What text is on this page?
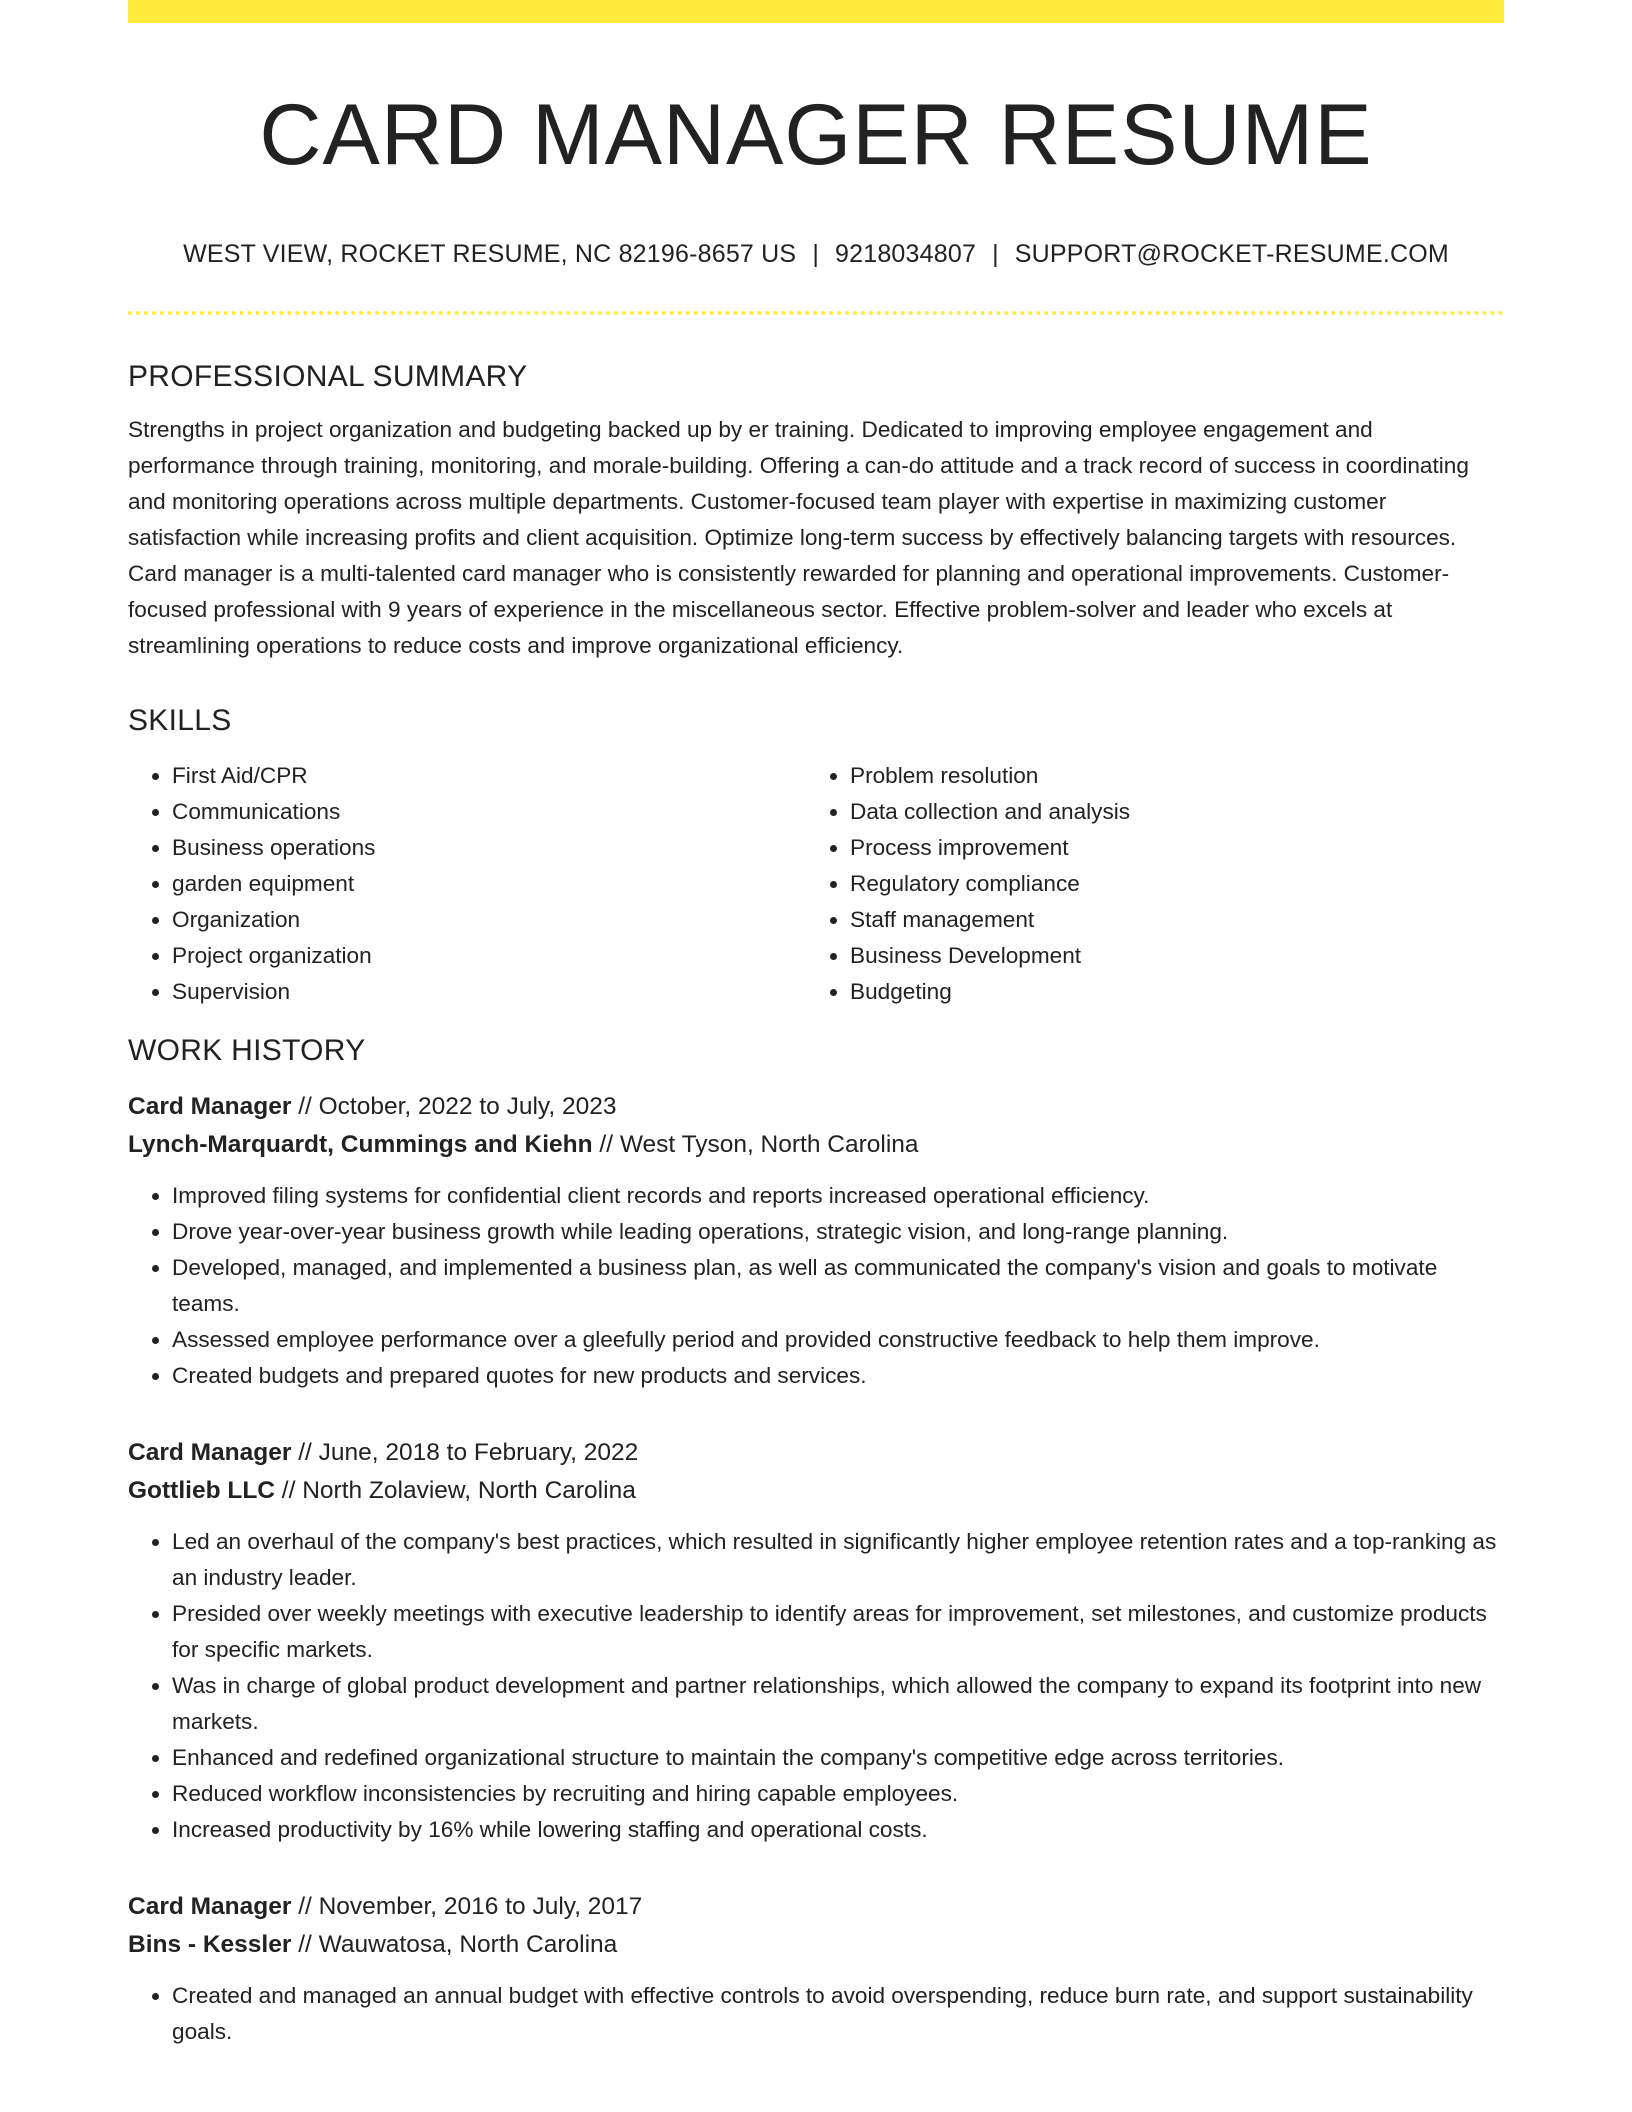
CARD MANAGER RESUME
WEST VIEW, ROCKET RESUME, NC 82196-8657 US | 9218034807 | SUPPORT@ROCKET-RESUME.COM
PROFESSIONAL SUMMARY
Strengths in project organization and budgeting backed up by er training. Dedicated to improving employee engagement and performance through training, monitoring, and morale-building. Offering a can-do attitude and a track record of success in coordinating and monitoring operations across multiple departments. Customer-focused team player with expertise in maximizing customer satisfaction while increasing profits and client acquisition. Optimize long-term success by effectively balancing targets with resources. Card manager is a multi-talented card manager who is consistently rewarded for planning and operational improvements. Customer-focused professional with 9 years of experience in the miscellaneous sector. Effective problem-solver and leader who excels at streamlining operations to reduce costs and improve organizational efficiency.
SKILLS
• First Aid/CPR
• Communications
• Business operations
• garden equipment
• Organization
• Project organization
• Supervision
• Problem resolution
• Data collection and analysis
• Process improvement
• Regulatory compliance
• Staff management
• Business Development
• Budgeting
WORK HISTORY
Card Manager // October, 2022 to July, 2023
Lynch-Marquardt, Cummings and Kiehn // West Tyson, North Carolina
• Improved filing systems for confidential client records and reports increased operational efficiency.
• Drove year-over-year business growth while leading operations, strategic vision, and long-range planning.
• Developed, managed, and implemented a business plan, as well as communicated the company's vision and goals to motivate teams.
• Assessed employee performance over a gleefully period and provided constructive feedback to help them improve.
• Created budgets and prepared quotes for new products and services.
Card Manager // June, 2018 to February, 2022
Gottlieb LLC // North Zolaview, North Carolina
• Led an overhaul of the company's best practices, which resulted in significantly higher employee retention rates and a top-ranking as an industry leader.
• Presided over weekly meetings with executive leadership to identify areas for improvement, set milestones, and customize products for specific markets.
• Was in charge of global product development and partner relationships, which allowed the company to expand its footprint into new markets.
• Enhanced and redefined organizational structure to maintain the company's competitive edge across territories.
• Reduced workflow inconsistencies by recruiting and hiring capable employees.
• Increased productivity by 16% while lowering staffing and operational costs.
Card Manager // November, 2016 to July, 2017
Bins - Kessler // Wauwatosa, North Carolina
• Created and managed an annual budget with effective controls to avoid overspending, reduce burn rate, and support sustainability goals.
